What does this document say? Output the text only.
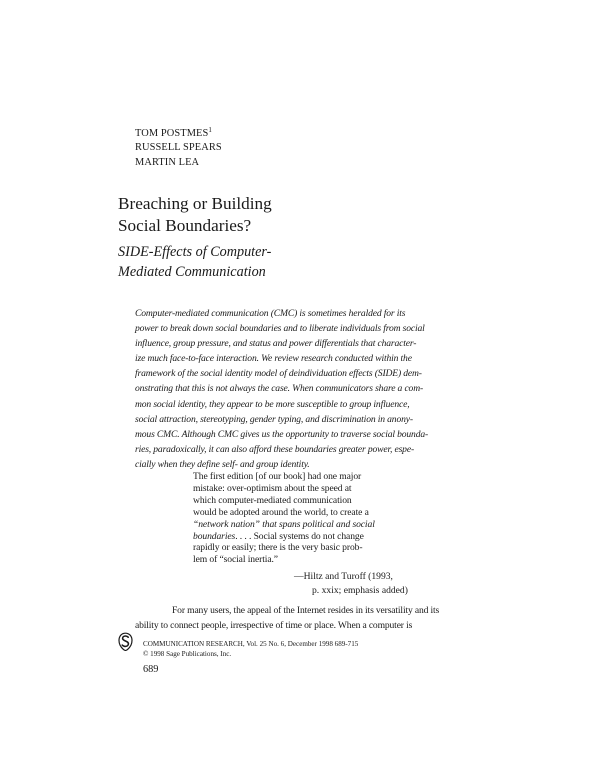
TOM POSTMES$^1$
RUSSELL SPEARS
MARTIN LEA
Breaching or Building
Social Boundaries?
SIDE-Effects of Computer-
Mediated Communication
Computer-mediated communication (CMC) is sometimes heralded for its
power to break down social boundaries and to liberate individuals from social
influence, group pressure, and status and power differentials that character-
ize much face-to-face interaction. We review research conducted within the
framework of the social identity model of deindividuation effects (SIDE) dem-
onstrating that this is not always the case. When communicators share a com-
mon social identity, they appear to be more susceptible to group influence,
social attraction, stereotyping, gender typing, and discrimination in anony-
mous CMC. Although CMC gives us the opportunity to traverse social bounda-
ries, paradoxically, it can also afford these boundaries greater power, espe-
cially when they define self- and group identity.
The first edition [of our book] had one major
mistake: over-optimism about the speed at
which computer-mediated communication
would be adopted around the world, to create a
“network nation” that spans political and social
boundaries. . . . Social systems do not change
rapidly or easily; there is the very basic prob-
lem of “social inertia.”
—Hiltz and Turoff (1993,
p. xxix; emphasis added)
For many users, the appeal of the Internet resides in its versatility and its
ability to connect people, irrespective of time or place. When a computer is
COMMUNICATION RESEARCH, Vol. 25 No. 6, December 1998 689-715
© 1998 Sage Publications, Inc.
689
